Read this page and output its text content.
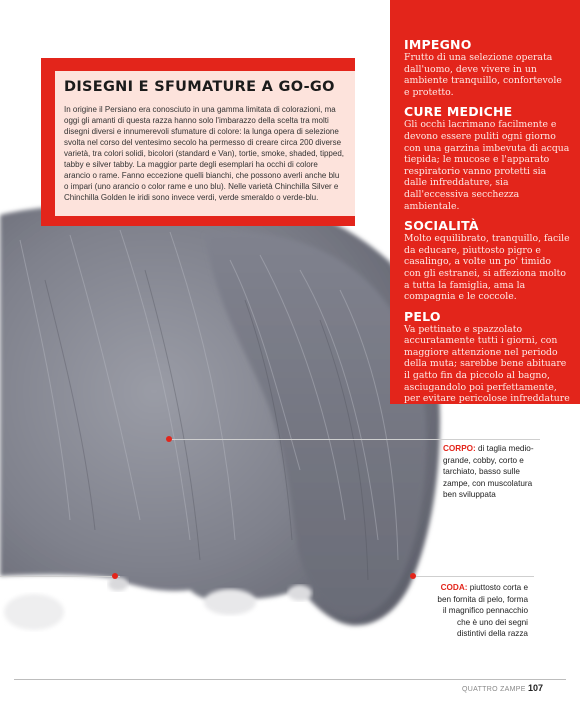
DISEGNI E SFUMATURE A GO-GO

In origine il Persiano era conosciuto in una gamma limitata di colorazioni, ma oggi gli amanti di questa razza hanno solo l'imbarazzo della scelta tra molti disegni diversi e innumerevoli sfumature di colore: la lunga opera di selezione svolta nel corso del ventesimo secolo ha permesso di creare circa 200 diverse varietà, tra colori solidi, bicolori (standard e Van), tortie, smoke, shaded, tipped, tabby e silver tabby. La maggior parte degli esemplari ha occhi di colore arancio o rame. Fanno eccezione quelli bianchi, che possono averli anche blu o impari (uno arancio o color rame e uno blu). Nelle varietà Chinchilla Silver e Chinchilla Golden le iridi sono invece verdi, verde smeraldo o verde-blu.

IMPEGNO

Frutto di una selezione operata dall'uomo, deve vivere in un ambiente tranquillo, confortevole e protetto.

CURE MEDICHE

Gli occhi lacrimano facilmente e devono essere puliti ogni giorno con una garzina imbevuta di acqua tiepida; le mucose e l'apparato respiratorio vanno protetti sia dalle infreddature, sia dall'eccessiva secchezza ambientale.

SOCIALITÀ

Molto equilibrato, tranquillo, facile da educare, piuttosto pigro e casalingo, a volte un po' timido con gli estranei, si affeziona molto a tutta la famiglia, ama la compagnia e le coccole.

PELO

Va pettinato e spazzolato accuratamente tutti i giorni, con maggiore attenzione nel periodo della muta; sarebbe bene abituare il gatto fin da piccolo al bagno, asciugandolo poi perfettamente, per evitare pericolose infreddature

CORPO: di taglia medio-grande, cobby, corto e tarchiato, basso sulle zampe, con muscolatura ben sviluppata
CODA: piuttosto corta e ben fornita di pelo, forma il magnifico pennacchio che è uno dei segni distintivi della razza
QUATTRO ZAMPE 107
